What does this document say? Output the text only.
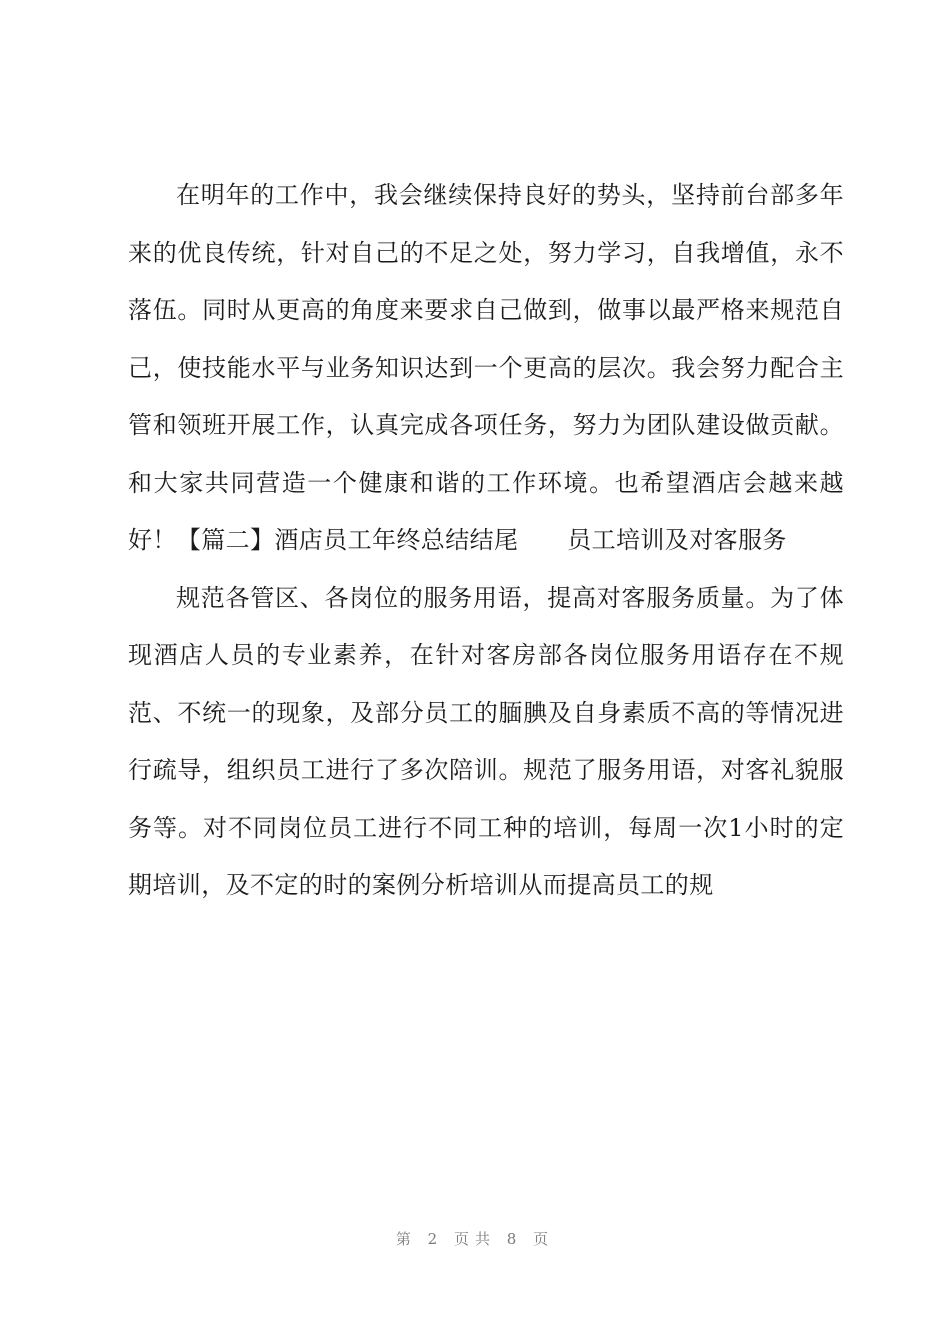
在明年的工作中，我会继续保持良好的势头，坚持前台部多年来的优良传统，针对自己的不足之处，努力学习，自我增值，永不落伍。同时从更高的角度来要求自己做到，做事以最严格来规范自己，使技能水平与业务知识达到一个更高的层次。我会努力配合主管和领班开展工作，认真完成各项任务，努力为团队建设做贡献。和大家共同营造一个健康和谐的工作环境。也希望酒店会越来越好！【篇二】酒店员工年终总结结尾　　员工培训及对客服务

规范各管区、各岗位的服务用语，提高对客服务质量。为了体现酒店人员的专业素养，在针对客房部各岗位服务用语存在不规范、不统一的现象，及部分员工的腼腆及自身素质不高的等情况进行疏导，组织员工进行了多次陪训。规范了服务用语，对客礼貌服务等。对不同岗位员工进行不同工种的培训，每周一次1小时的定期培训，及不定的时的案例分析培训从而提高员工的规

第 2 页共 8 页
